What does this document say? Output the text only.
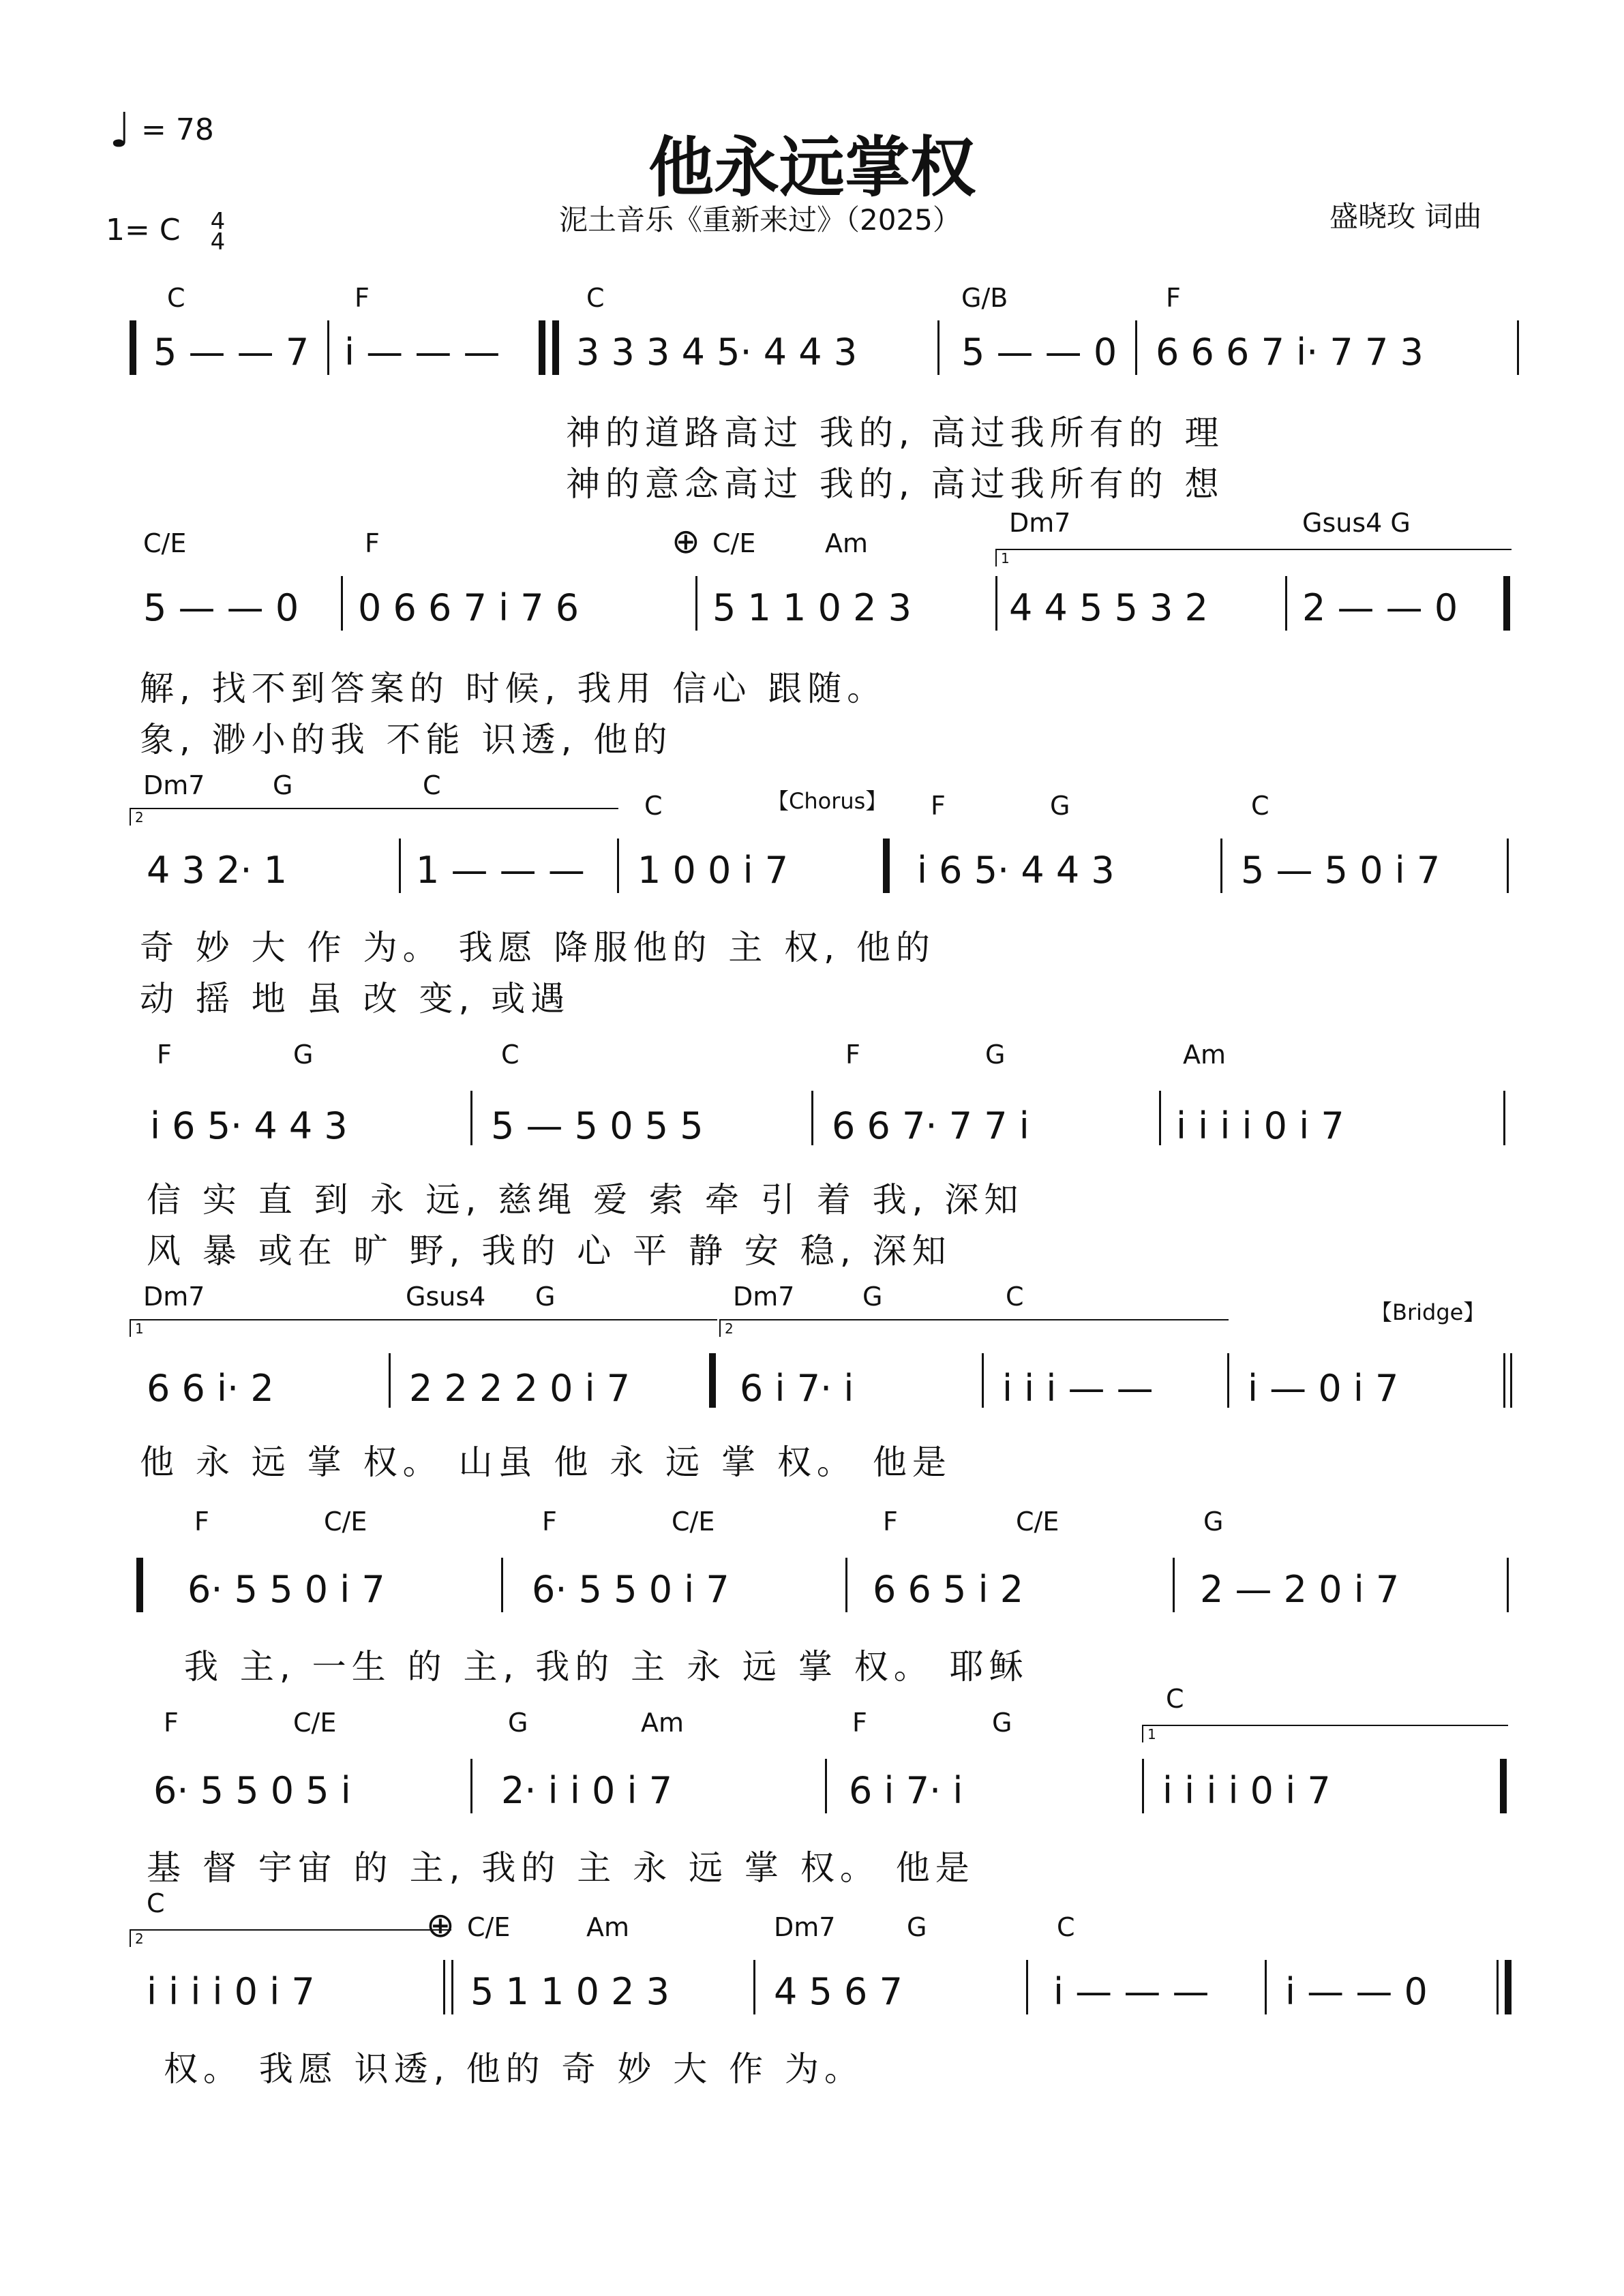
♩ = 78	他永远掌权
泥土音乐《重新来过》（2025）	盛晓玫 词曲
1= C 4
4
C	F	C	G/B	F
5 — — 7 i — — — 3 3 3 4 5· 4 4 3	5 — — 0 6 6 6 7 i· 7 7 3
神的道路高过 我的, 高过我所有的 理
神的意念高过 我的, 高过我所有的 想
C/E	F	⊕ C/E	Am
Dm7	Gsus4 G
1
5 — — 0 0 6 6 7 i 7 6	5 1 1 0 2 3	4 4 5 5 3 2	2 — — 0
解, 找不到答案的 时候, 我用 信心 跟随。
象, 渺小的我 不能 识透, 他的
Dm7	G	C
2	C	【Chorus】 F	G	C
4 3 2· 1	1 — — — 1 0 0 i 7	i 6 5· 4 4 3	5 — 5 0 i 7
奇 妙 大 作 为。 我愿 降服他的 主 权, 他的
动 摇 地 虽 改 变, 或遇
F	G	C	F	G	Am
i 6 5· 4 4 3	5 — 5 0 5 5	6 6 7· 7 7 i	i i i i 0 i 7
信 实 直 到 永 远, 慈绳 爱 索 牵 引 着 我, 深知
风 暴 或在 旷 野, 我的 心 平 静 安 稳, 深知
Dm7	Gsus4 G	Dm7	G	C
【Bridge】
1	2
6 6 i· 2	2 2 2 2 0 i 7	6 i 7· i	i i i — —	i — 0 i 7
他 永 远 掌 权。 山虽 他 永 远 掌 权。 他是
F	C/E	F	C/E	F	C/E	G
6· 5 5 0 i 7	6· 5 5 0 i 7	6 6 5 i 2	2 — 2 0 i 7
我 主, 一生 的 主, 我的 主 永 远 掌 权。 耶稣
F	C/E	G	Am	F	G
C
1
6· 5 5 0 5 i	2· i i 0 i 7	6 i 7· i	i i i i 0 i 7
基 督 宇宙 的 主, 我的 主 永 远 掌 权。 他是
C
2	⊕ C/E	Am	Dm7	G	C
i i i i 0 i 7	5 1 1 0 2 3	4 5 6 7	i — — — i — — 0
权。 我愿 识透, 他的 奇 妙 大 作 为。
